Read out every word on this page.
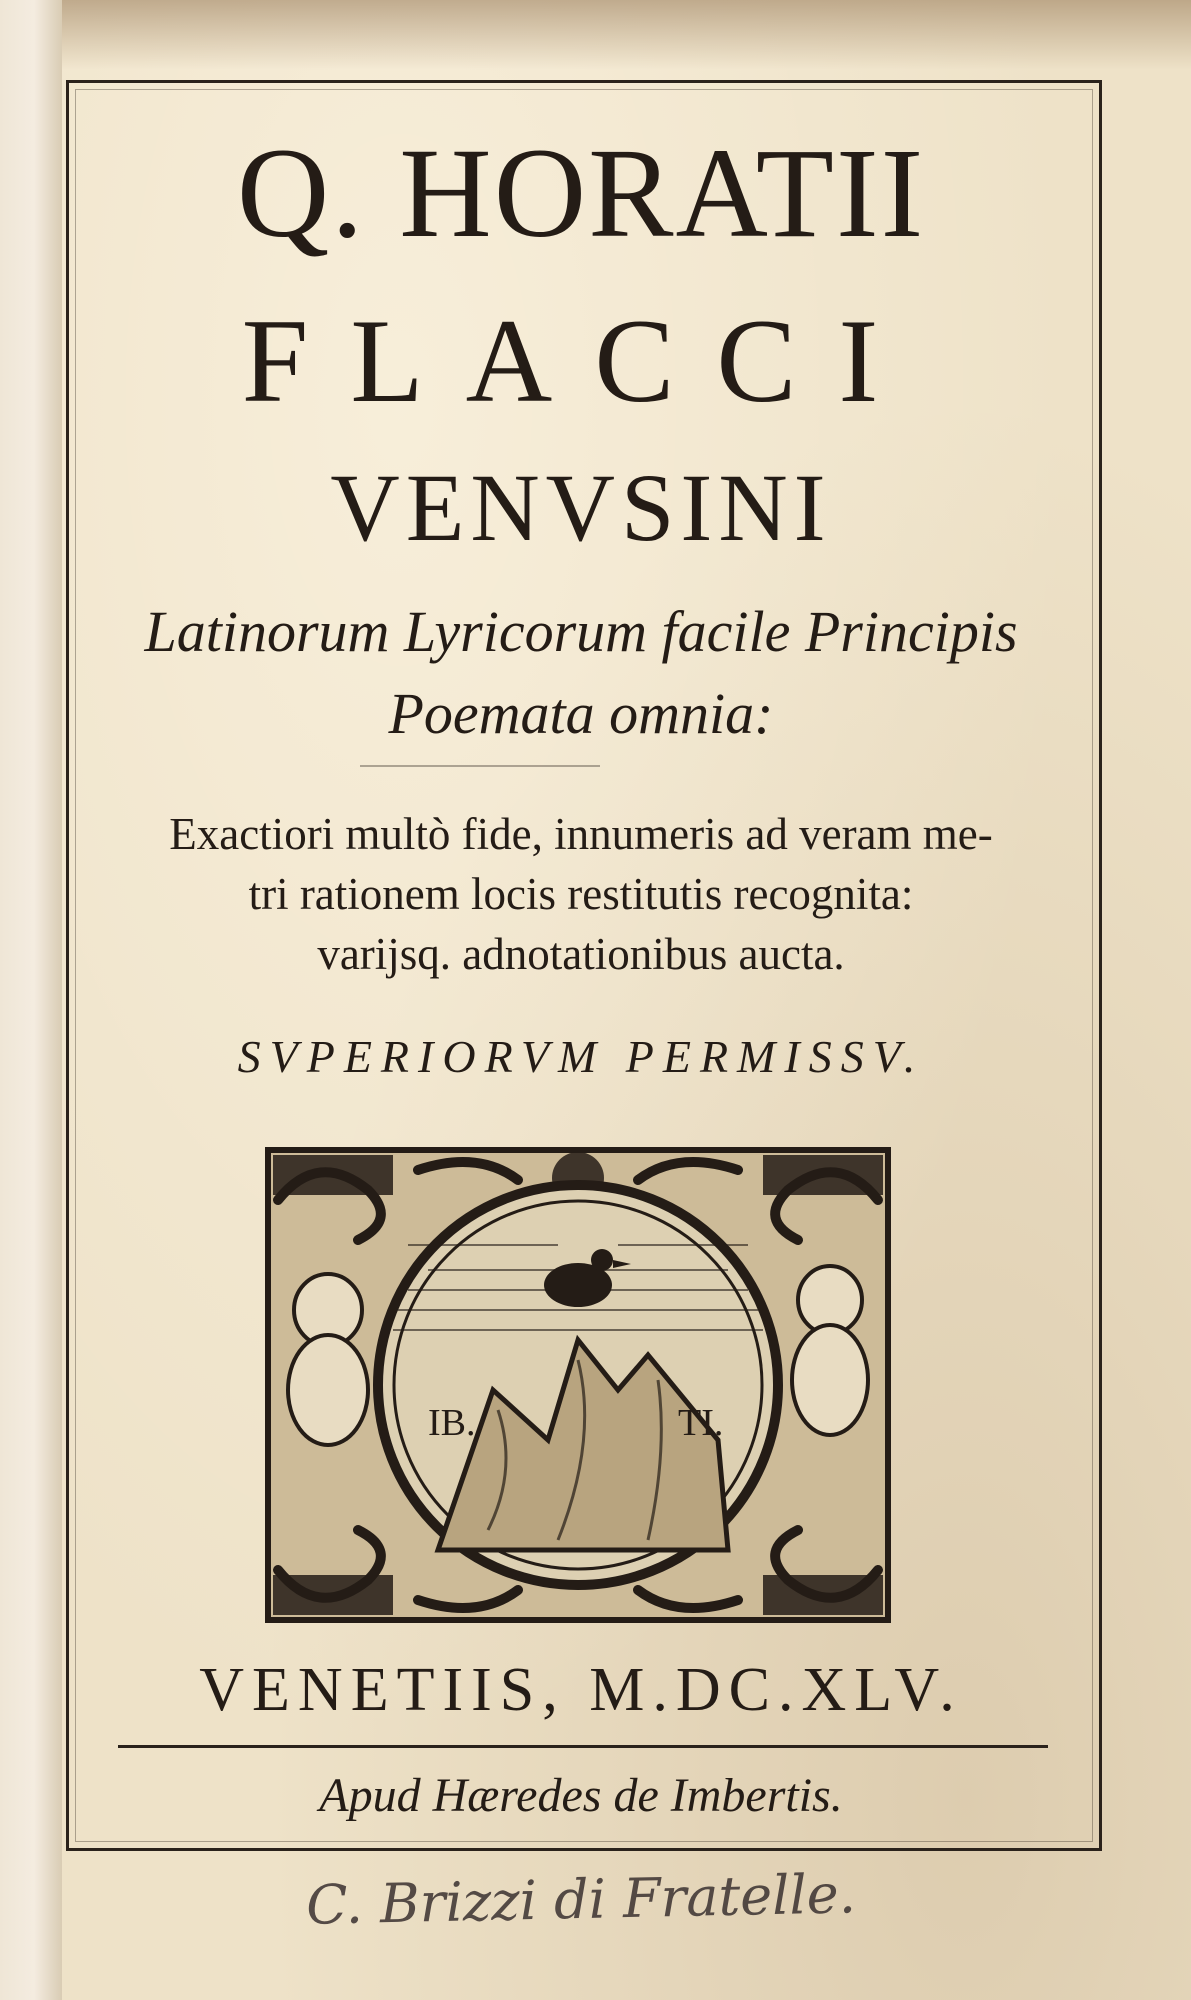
Q. HORATII
FLACCI
VENVSINI
Latinorum Lyricorum facile Principis
Poemata omnia:
Exactiori multò fide, innumeris ad veram me-
tri rationem locis restitutis recognita:
varijsq. adnotationibus aucta.
SVPERIORVM PERMISSV.
IB.	TI.
VENETIIS, M.DC.XLV.
Apud Hæredes de Imbertis.
C. Brizzi di Fratelle.
